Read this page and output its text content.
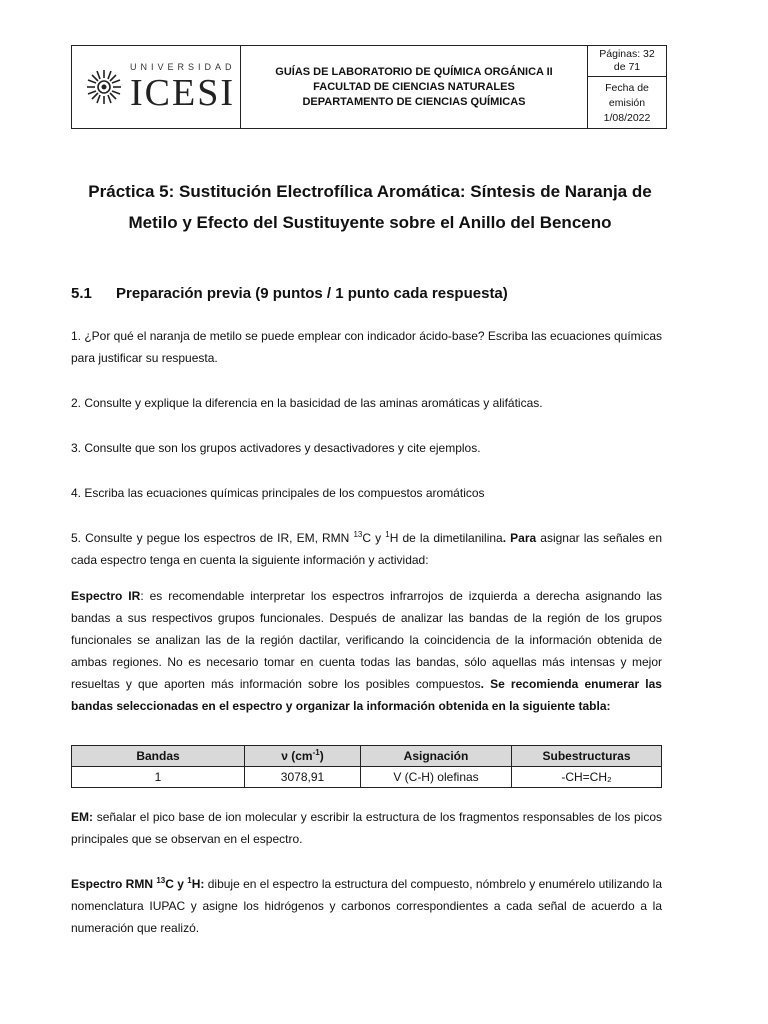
UNIVERSIDAD
ICESI	GUÍAS DE LABORATORIO DE QUÍMICA ORGÁNICA II
FACULTAD DE CIENCIAS NATURALES
DEPARTAMENTO DE CIENCIAS QUÍMICAS
Páginas: 32
de 71
Fecha de
emisión
1/08/2022
Práctica 5: Sustitución Electrofílica Aromática: Síntesis de Naranja de
Metilo y Efecto del Sustituyente sobre el Anillo del Benceno
5.1 Preparación previa (9 puntos / 1 punto cada respuesta)
1. ¿Por qué el naranja de metilo se puede emplear con indicador ácido-base? Escriba las ecuaciones químicas para justificar su respuesta.
2. Consulte y explique la diferencia en la basicidad de las aminas aromáticas y alifáticas.
3. Consulte que son los grupos activadores y desactivadores y cite ejemplos.
4. Escriba las ecuaciones químicas principales de los compuestos aromáticos
5. Consulte y pegue los espectros de IR, EM, RMN $^{13}$C y $^1$H de la dimetilanilina. Para asignar las señales en cada espectro tenga en cuenta la siguiente información y actividad:
Espectro IR: es recomendable interpretar los espectros infrarrojos de izquierda a derecha asignando las bandas a sus respectivos grupos funcionales. Después de analizar las bandas de la región de los grupos funcionales se analizan las de la región dactilar, verificando la coincidencia de la información obtenida de ambas regiones. No es necesario tomar en cuenta todas las bandas, sólo aquellas más intensas y mejor resueltas y que aporten más información sobre los posibles compuestos. Se recomienda enumerar las bandas seleccionadas en el espectro y organizar la información obtenida en la siguiente tabla:
Bandas	ν $(cm^{-1})$	Asignación	Subestructuras
1	3078,91	V (C-H) olefinas	-CH=CH₂
EM: señalar el pico base de ion molecular y escribir la estructura de los fragmentos responsables de los picos principales que se observan en el espectro.
Espectro RMN $^{13}$C y $^1$H: dibuje en el espectro la estructura del compuesto, nómbrelo y enumérelo utilizando la nomenclatura IUPAC y asigne los hidrógenos y carbonos correspondientes a cada señal de acuerdo a la numeración que realizó.
